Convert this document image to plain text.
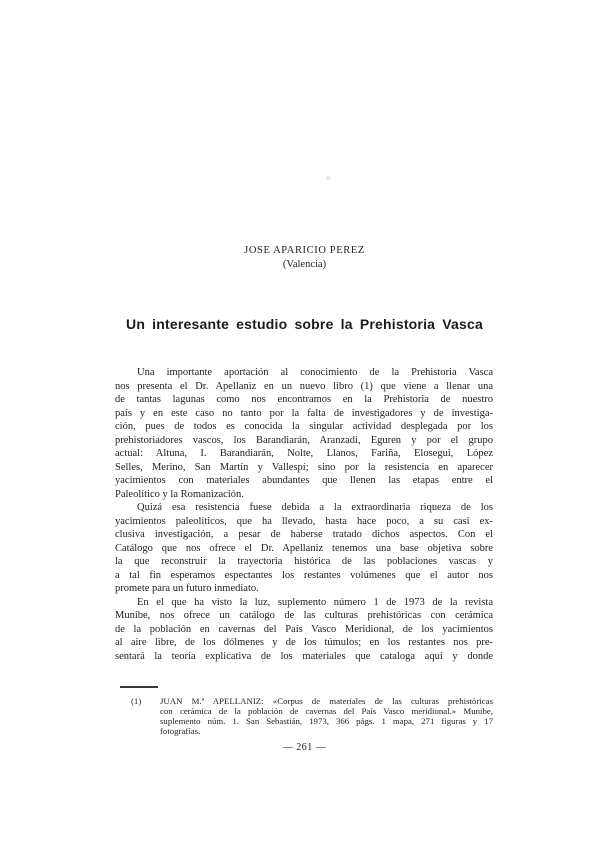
JOSE APARICIO PEREZ
(Valencia)
Un interesante estudio sobre la Prehistoria Vasca
Una importante aportación al conocimiento de la Prehistoria Vasca
nos presenta el Dr. Apellaniz en un nuevo libro (1) que viene a llenar una
de tantas lagunas como nos encontramos en la Prehistoria de nuestro
país y en este caso no tanto por la falta de investigadores y de investiga-
ción, pues de todos es conocida la singular actividad desplegada por los
prehistoriadores vascos, los Barandiarán, Aranzadi, Eguren y por el grupo
actual: Altuna, I. Barandiarán, Nolte, Llanos, Fariña, Elosegui, López
Selles, Merino, San Martín y Vallespí; sino por la resistencia en aparecer
yacimientos con materiales abundantes que llenen las etapas entre el
Paleolítico y la Romanización.
Quizá esa resistencia fuese debida a la extraordinaria riqueza de los
yacimientos paleolíticos, que ha llevado, hasta hace poco, a su casi ex-
clusiva investigación, a pesar de haberse tratado dichos aspectos. Con el
Catálogo que nos ofrece el Dr. Apellaniz tenemos una base objetiva sobre
la que reconstruir la trayectoria histórica de las poblaciones vascas y
a tal fin esperamos espectantes los restantes volúmenes que el autor nos
promete para un futuro inmediato.
En el que ha visto la luz, suplemento número 1 de 1973 de la revista
Munibe, nos ofrece un catálogo de las culturas prehistóricas con cerámica
de la población en cavernas del País Vasco Meridional, de los yacimientos
al aire libre, de los dólmenes y de los túmulos; en los restantes nos pre-
sentará la teoría explicativa de los materiales que cataloga aquí y donde
(1) JUAN M.ª APELLANIZ: «Corpus de materiales de las culturas prehistóricas
con cerámica de la población de cavernas del País Vasco meridional.» Munibe,
suplemento núm. 1. San Sebastián, 1973, 366 págs. 1 mapa, 271 figuras y 17
fotografías.
— 261 —
